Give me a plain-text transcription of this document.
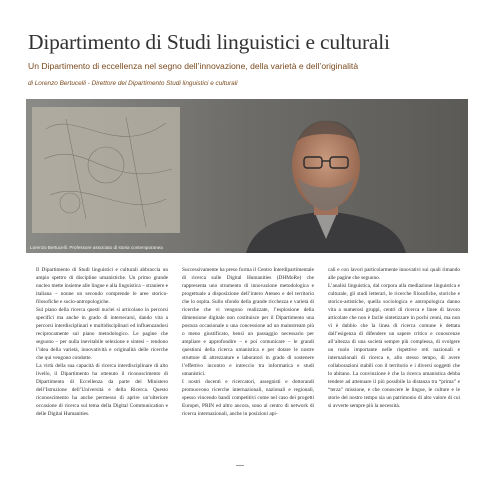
Dipartimento di Studi linguistici e culturali
Un Dipartimento di eccellenza nel segno dell’innovazione, della varietà e dell’originalità
di Lorenzo Bertucelli - Direttore del Dipartimento Studi linguistici e culturali
Lorenzo Bertucelli. Professore associato di storia contemporanea

Il Dipartimento di Studi linguistici e culturali abbraccia un ampio spettro di discipline umanistiche. Un primo grande nucleo mette insieme alle lingue e alla linguistica – straniere e italiana – nonne un secondo comprende le aree storico-filosofiche e socio-antropologiche.

Sul piano della ricerca questi nuclei si articolano in percorsi specifici ma anche in grado di intersecarsi, dando vita a percorsi interdisciplinari e multidisciplinari ed influenzandosi reciprocamente sul piano metodologico. Le pagine che seguono – per nulla inevitabile selezione e sintesi – rendono l’idea della varietà, innovatività e originalità delle ricerche che qui vengono condotte.

La virtù della sua capacità di ricerca interdisciplinare di alto livello, il Dipartimento ha ottenuto il riconoscimento di Dipartimento di Eccellenza da parte del Ministero dell’Istruzione dell’Università e della Ricerca. Questo riconoscimento ha anche permesso di aprire un’ulteriore occasione di ricerca sul tema della Digital Communication e delle Digital Humanities.

Successivamente ha preso forma il Centro Interdipartimentale di ricerca sulle Digital Humanities (DHMoRe) che rappresenta uno strumento di innovazione metodologica e progettuale a disposizione dell’intero Ateneo e del territorio che lo ospita. Sullo sfondo della grande ricchezza e varietà di ricerche che vi vengono realizzate, l’esplosione della dimensione digitale non costituisce per il Dipartimento una postura occasionale o una concessione ad un mainstream più o meno giustificato, bensì un passaggio necessario per ampliare e approfondire – e poi comunicare – le grandi questioni della ricerca umanistica e per dotare le nostre strutture di attrezzature e laboratori in grado di sostenere l’effettivo incontro e intreccio tra informatica e studi umanistici.

I nostri docenti e ricercatori, assegnisti e dottorandi promuovono ricerche internazionali, nazionali e regionali, spesso vincendo bandi competitivi come nel caso dei progetti Europei, PRIN ed altro ancora, sono al centro di network di ricerca internazionali, anche in posizioni api-

cali e con lavori particolarmente innovativi sui quali rimando alle pagine che seguono.

L’analisi linguistica, dal corpora alla mediazione linguistica e culturale, gli studi letterari, le ricerche filosofiche, storiche e storico-artistiche, quella sociologica e antropologica danno vita a numerosi gruppi, centri di ricerca e linee di lavoro articolate che non è facile sintetizzare in pochi cenni, ma non vi è dubbio che la linea di ricerca comune è dettata dall’esigenza di difendere un sapere critico e conoscenze all’altezza di una società sempre più complessa, di svolgere un ruolo importante nelle rispettive reti nazionali e internazionali di ricerca e, allo stesso tempo, di avere collaborazioni stabili con il territorio e i diversi soggetti che lo abitano. La convinzione è che la ricerca umanistica debba tendere ad attenuare il più possibile la distanza tra “prima” e “terza” missione, e che conoscere le lingue, le culture e le storie del nostro tempo sia un patrimonio di alto valore di cui si avverte sempre più la necessità.
